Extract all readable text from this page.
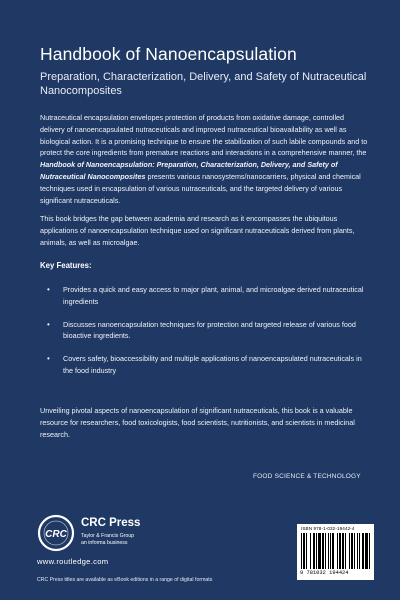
Handbook of Nanoencapsulation
Preparation, Characterization, Delivery, and Safety of Nutraceutical Nanocomposites
Nutraceutical encapsulation envelopes protection of products from oxidative damage, controlled delivery of nanoencapsulated nutraceuticals and improved nutraceutical bioavailability as well as biological action. It is a promising technique to ensure the stabilization of such labile compounds and to protect the core ingredients from premature reactions and interactions in a comprehensive manner, the Handbook of Nanoencapsulation: Preparation, Characterization, Delivery, and Safety of Nutraceutical Nanocomposites presents various nanosystems/nanocarriers, physical and chemical techniques used in encapsulation of various nutraceuticals, and the targeted delivery of various significant nutraceuticals.
This book bridges the gap between academia and research as it encompasses the ubiquitous applications of nanoencapsulation technique used on significant nutraceuticals derived from plants, animals, as well as microalgae.
Key Features:
• Provides a quick and easy access to major plant, animal, and microalgae derived nutraceutical ingredients
• Discusses nanoencapsulation techniques for protection and targeted release of various food bioactive ingredients.
• Covers safety, bioaccessibility and multiple applications of nanoencapsulated nutraceuticals in the food industry
Unveiling pivotal aspects of nanoencapsulation of significant nutraceuticals, this book is a valuable resource for researchers, food toxicologists, food scientists, nutritionists, and scientists in medicinal research.
FOOD SCIENCE & TECHNOLOGY
CRC
CRC Press
Taylor & Francis Group
an informa business
www.routledge.com
CRC Press titles are available as eBook editions in a range of digital formats
ISBN 978-1-032-19442-4
9 781032 194424
